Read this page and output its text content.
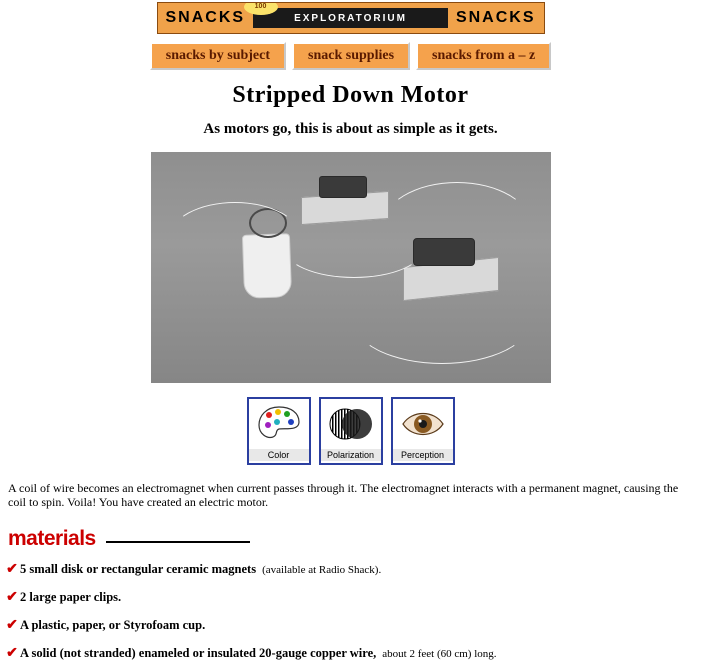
SNACKS	EXPLORATORIUM	SNACKS
100
snacks by subject	snack supplies	snacks from a – z
Stripped Down Motor
As motors go, this is about as simple as it gets.
Color	Polarization	Perception
A coil of wire becomes an electromagnet when current passes through it. The electromagnet interacts with a permanent magnet, causing the coil to spin. Voila! You have created an electric motor.
materials
✔ 5 small disk or rectangular ceramic magnets (available at Radio Shack).
✔ 2 large paper clips.
✔ A plastic, paper, or Styrofoam cup.
✔ A solid (not stranded) enameled or insulated 20-gauge copper wire, about 2 feet (60 cm) long.
